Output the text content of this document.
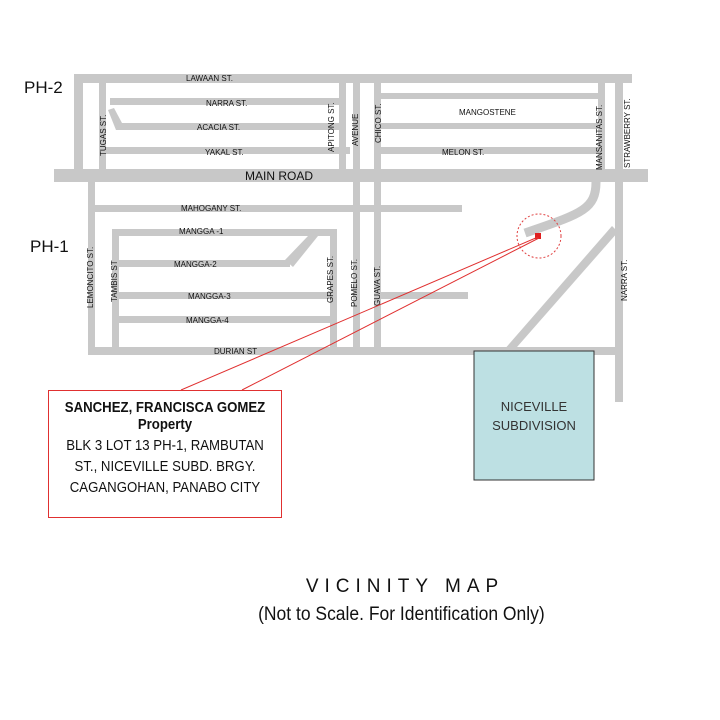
NICEVILLE
SUBDIVISION
PH-2
PH-1
LAWAAN ST.
NARRA ST.
ACACIA ST.
YAKAL ST.
MANGOSTENE
MELON ST.
MAIN ROAD
MAHOGANY ST.
MANGGA -1
MANGGA-2
MANGGA-3
MANGGA-4
DURIAN ST
TUGAS ST.	APITONG ST. AVENUE CHICO ST.	MANSANITAS ST. STRAWBERRY ST.
LEMONCITO ST. TAMBIS ST	GRAPES ST. POMELO ST. GUAVA ST.	NARRA ST.
SANCHEZ, FRANCISCA GOMEZ
Property
BLK 3 LOT 13 PH-1, RAMBUTAN
ST., NICEVILLE SUBD. BRGY.
CAGANGOHAN, PANABO CITY
VICINITY MAP
(Not to Scale. For Identification Only)
